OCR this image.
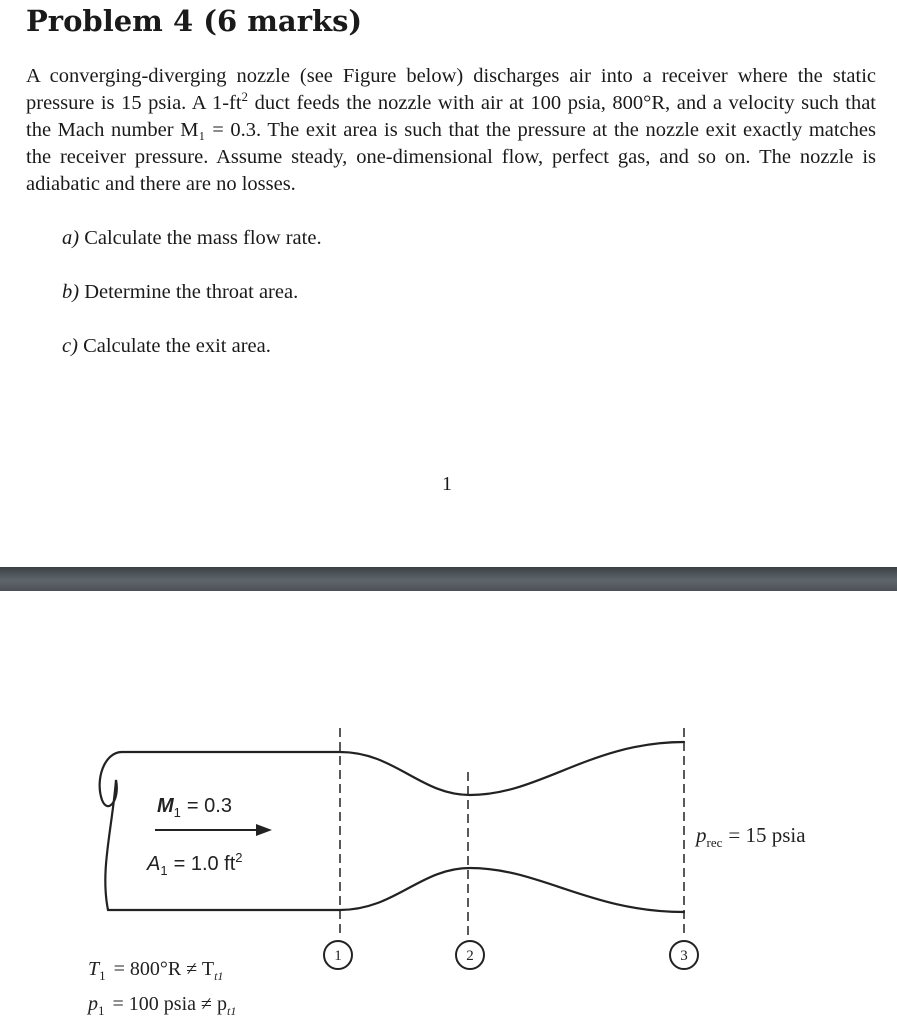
Problem 4 (6 marks)

A converging-diverging nozzle (see Figure below) discharges air into a receiver where the static pressure is 15 psia. A $1-ft^2$ duct feeds the nozzle with air at 100 psia, 800°R, and a velocity such that the Mach number M₁ = 0.3. The exit area is such that the pressure at the nozzle exit exactly matches the receiver pressure. Assume steady, one-dimensional flow, perfect gas, and so on. The nozzle is adiabatic and there are no losses.

a) Calculate the mass flow rate.
b) Determine the throat area.
c) Calculate the exit area.
1
1	2	3
$M_1 = 0.3$
$A_1 = 1.0$ $ft^2$
$p_{rec} = 15$ psia
$T_1 = 800^\circ R \ne T_{t1}$
$p_1 = 100$ psia ≠ $p_{t1}$
